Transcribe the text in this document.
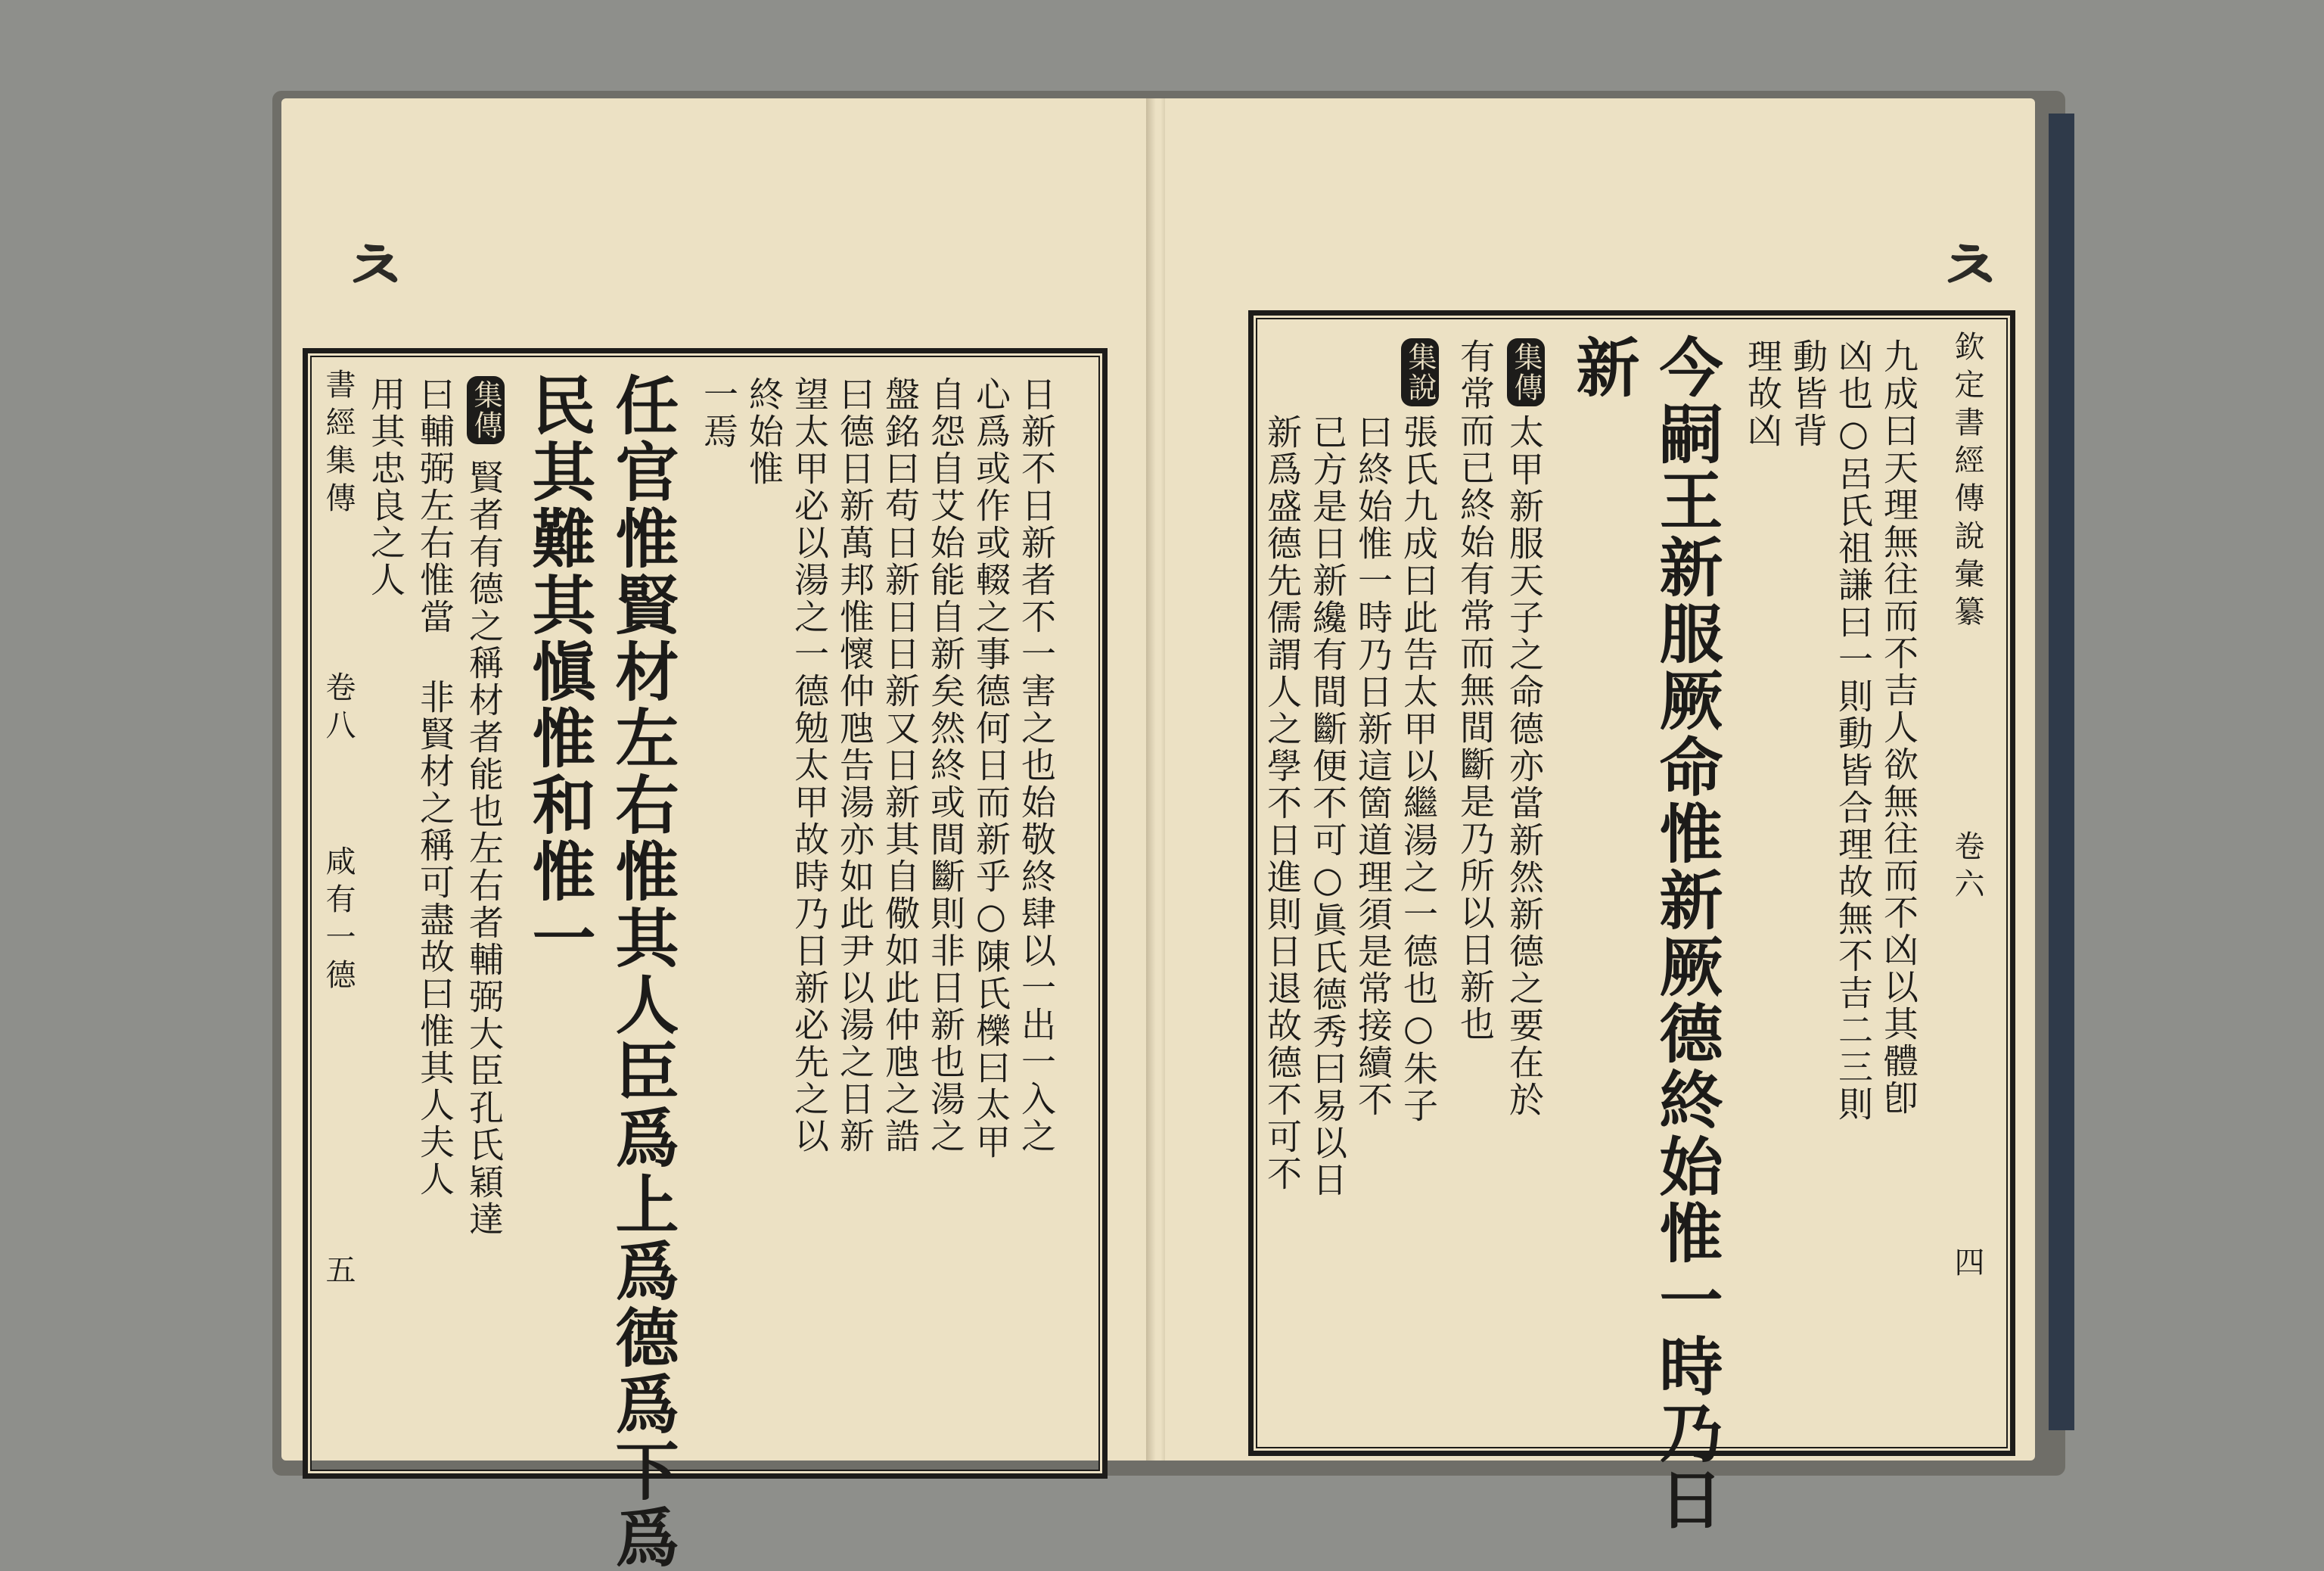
ㅊ
書經集傳
卷八
咸有一德
五
用其忠良之人 曰輔弼左右惟當
非賢材之稱可盡故曰惟其人夫人 賢者有德之稱材者能也左右者輔弼大臣孔氏穎達
集傳 民其難其愼惟和惟一 任官惟賢材左右惟其人臣爲上爲德爲下爲 一焉 終始惟 望太甲必以湯之一德勉太甲故時乃日新必先之以 曰德日新萬邦惟懷仲虺告湯亦如此尹以湯之日新 盤銘曰苟日新日日新又日新其自儆如此仲虺之誥 自怨自艾始能自新矣然終或間斷則非日新也湯之 心爲或作或輟之事德何日而新乎○陳氏櫟曰太甲 日新不日新者不一害之也始敬終肆以一出一入之
ㅊ
新爲盛德先儒謂人之學不日進則日退故德不可不 已方是日新纔有間斷便不可○眞氏德秀曰易以日 曰終始惟一時乃日新這箇道理須是常接續不 張氏九成曰此告太甲以繼湯之一德也○朱子
集說 有常而已終始有常而無間斷是乃所以日新也 太甲新服天子之命德亦當新然新德之要在於
集傳 新 今嗣王新服厥命惟新厥德終始惟一時乃日 理故凶 動皆背 凶也○呂氏祖謙曰一則動皆合理故無不吉二三則 九成曰天理無往而不吉人欲無往而不凶以其體卽 欽定書經傳說彙纂
卷六
四
